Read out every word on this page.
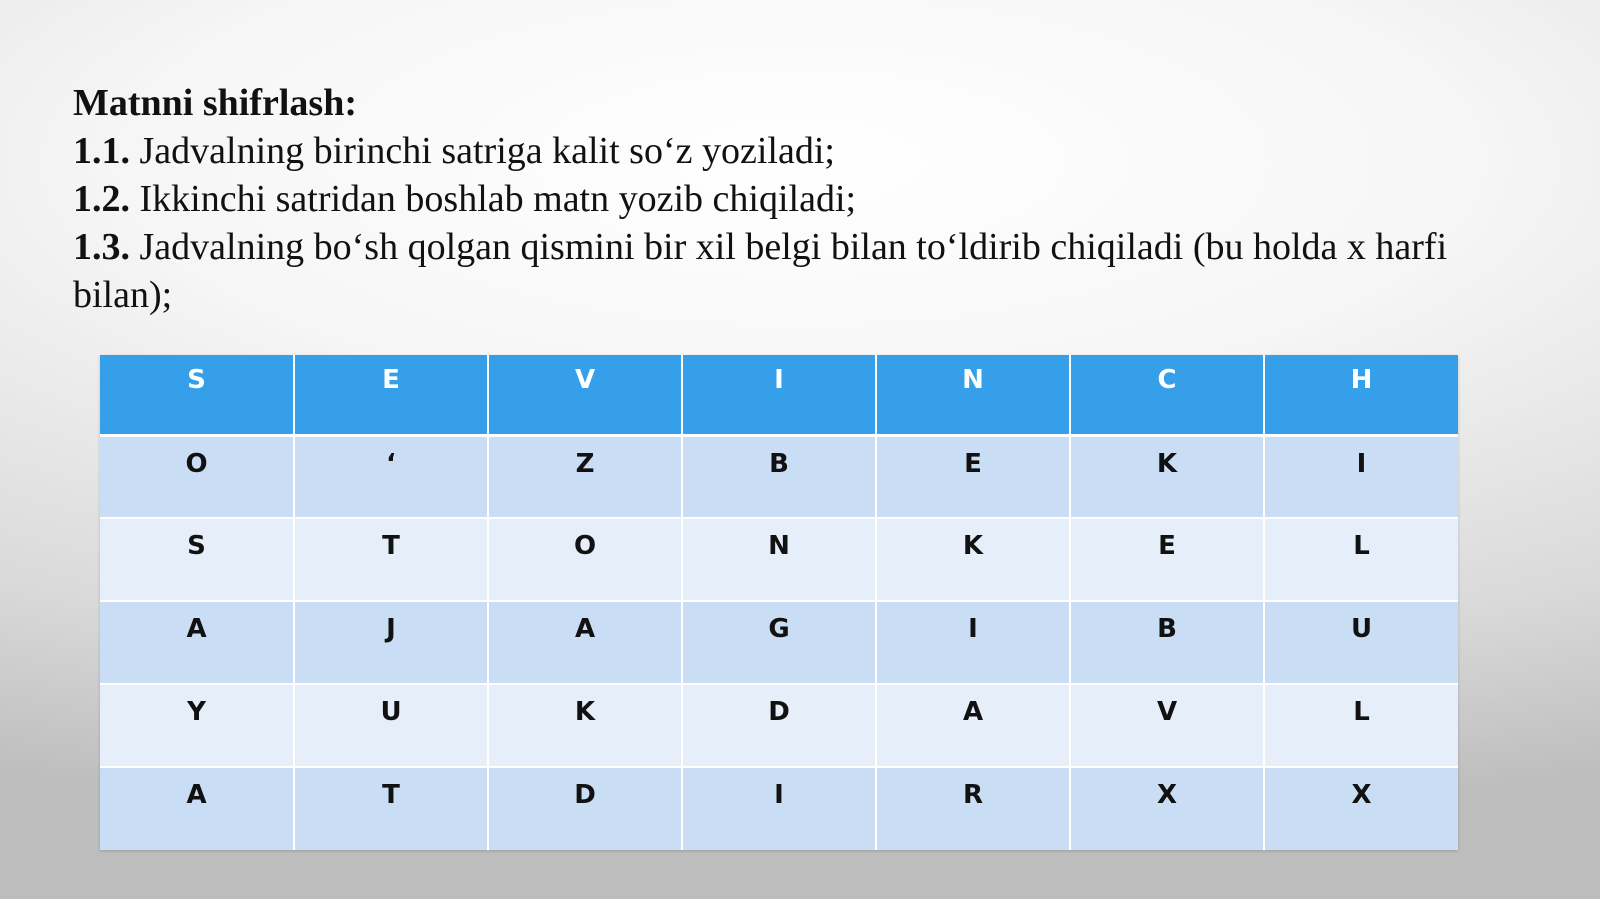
Matnni shifrlash:

1.1. Jadvalning birinchi satriga kalit so‘z yoziladi;

1.2. Ikkinchi satridan boshlab matn yozib chiqiladi;

1.3. Jadvalning bo‘sh qolgan qismini bir xil belgi bilan to‘ldirib chiqiladi (bu holda x harfi bilan);

S	E	V	I	N	C	H
O	‘	Z	B	E	K	I
S	T	O	N	K	E	L
A	J	A	G	I	B	U
Y	U	K	D	A	V	L
A	T	D	I	R	X	X
